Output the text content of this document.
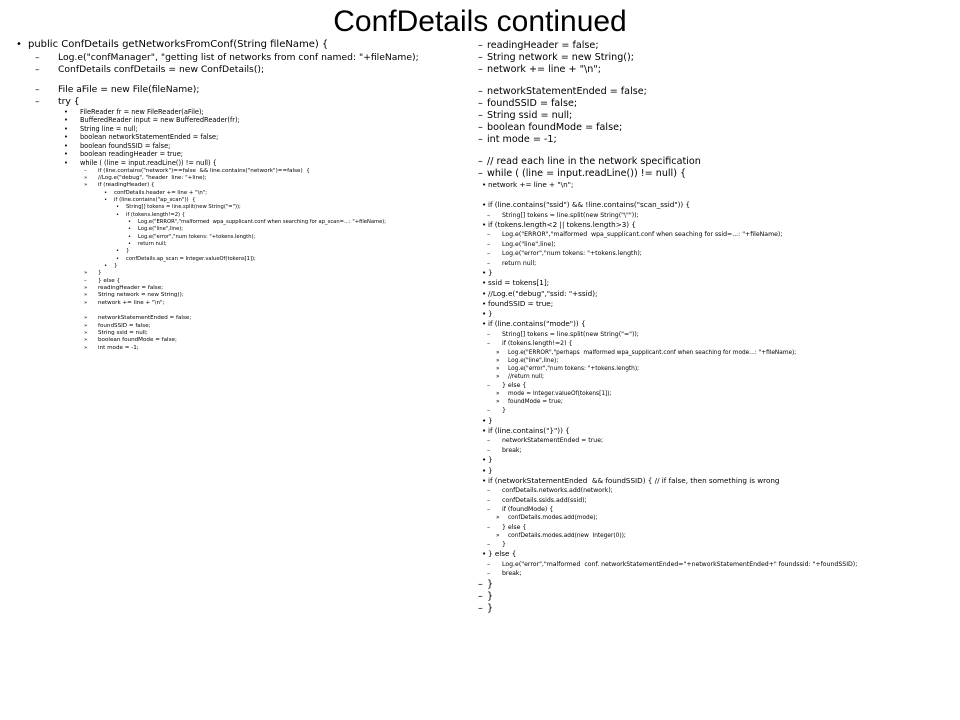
ConfDetails continued
• public ConfDetails getNetworksFromConf(String fileName) {
– Log.e("confManager", "getting list of networks from conf named: "+fileName);
– ConfDetails confDetails = new ConfDetails();
– File aFile = new File(fileName);
– try {
• FileReader fr = new FileReader(aFile);
• BufferedReader input = new BufferedReader(fr);
• String line = null;
• boolean networkStatementEnded = false;
• boolean foundSSID = false;
• boolean readingHeader = true;
• while ( (line = input.readLine()) != null) {
– if (line.contains("network")==false  && line.contains("network")==false)  {
» //Log.e("debug", "header  line: "+line);
» if (readingHeader) {
• confDetails.header += line + "\n";
• if (line.contains("ap_scan"))  {
• String[] tokens = line.split(new String("="));
• if (tokens.length!=2) {
• Log.e("ERROR","malformed  wpa_supplicant.conf when searching for ap_scan=...: "+fileName);
• Log.e("line",line);
• Log.e("error","num tokens: "+tokens.length);
• return null;
• }
• confDetails.ap_scan = Integer.valueOf(tokens[1]);
• }
» }
– } else {
» readingHeader = false;
» String network = new String();
» network += line + "\n";
» networkStatementEnded = false;
» foundSSID = false;
» String ssid = null;
» boolean foundMode = false;
» int mode = -1;
– readingHeader = false;
– String network = new String();
– network += line + "\n";
– networkStatementEnded = false;
– foundSSID = false;
– String ssid = null;
– boolean foundMode = false;
– int mode = -1;
– // read each line in the network specification
– while ( (line = input.readLine()) != null) {
• network += line + "\n";
• if (line.contains("ssid") && !line.contains("scan_ssid")) {
– String[] tokens = line.split(new String("\""));
• if (tokens.length<2 || tokens.length>3) {
– Log.e("ERROR","malformed  wpa_supplicant.conf when seaching for ssid=...: "+fileName);
– Log.e("line",line);
– Log.e("error","num tokens: "+tokens.length);
– return null;
• }
• ssid = tokens[1];
• //Log.e("debug","ssid: "+ssid);
• foundSSID = true;
• }
• if (line.contains("mode")) {
– String[] tokens = line.split(new String("="));
– if (tokens.length!=2) {
» Log.e("ERROR","perhaps  malformed wpa_supplicant.conf when seaching for mode...: "+fileName);
» Log.e("line",line);
» Log.e("error","num tokens: "+tokens.length);
» //return null;
– } else {
» mode = Integer.valueOf(tokens[1]);
» foundMode = true;
– }
• }
• if (line.contains("}")) {
– networkStatementEnded = true;
– break;
• }
• }
• if (networkStatementEnded  && foundSSID) { // if false, then something is wrong
– confDetails.networks.add(network);
– confDetails.ssids.add(ssid);
– if (foundMode) {
» confDetails.modes.add(mode);
– } else {
» confDetails.modes.add(new  Integer(0));
– }
• } else {
– Log.e("error","malformed  conf. networkStatementEnded="+networkStatementEnded+" foundssid: "+foundSSID);
– break;
– }
– }
– }
